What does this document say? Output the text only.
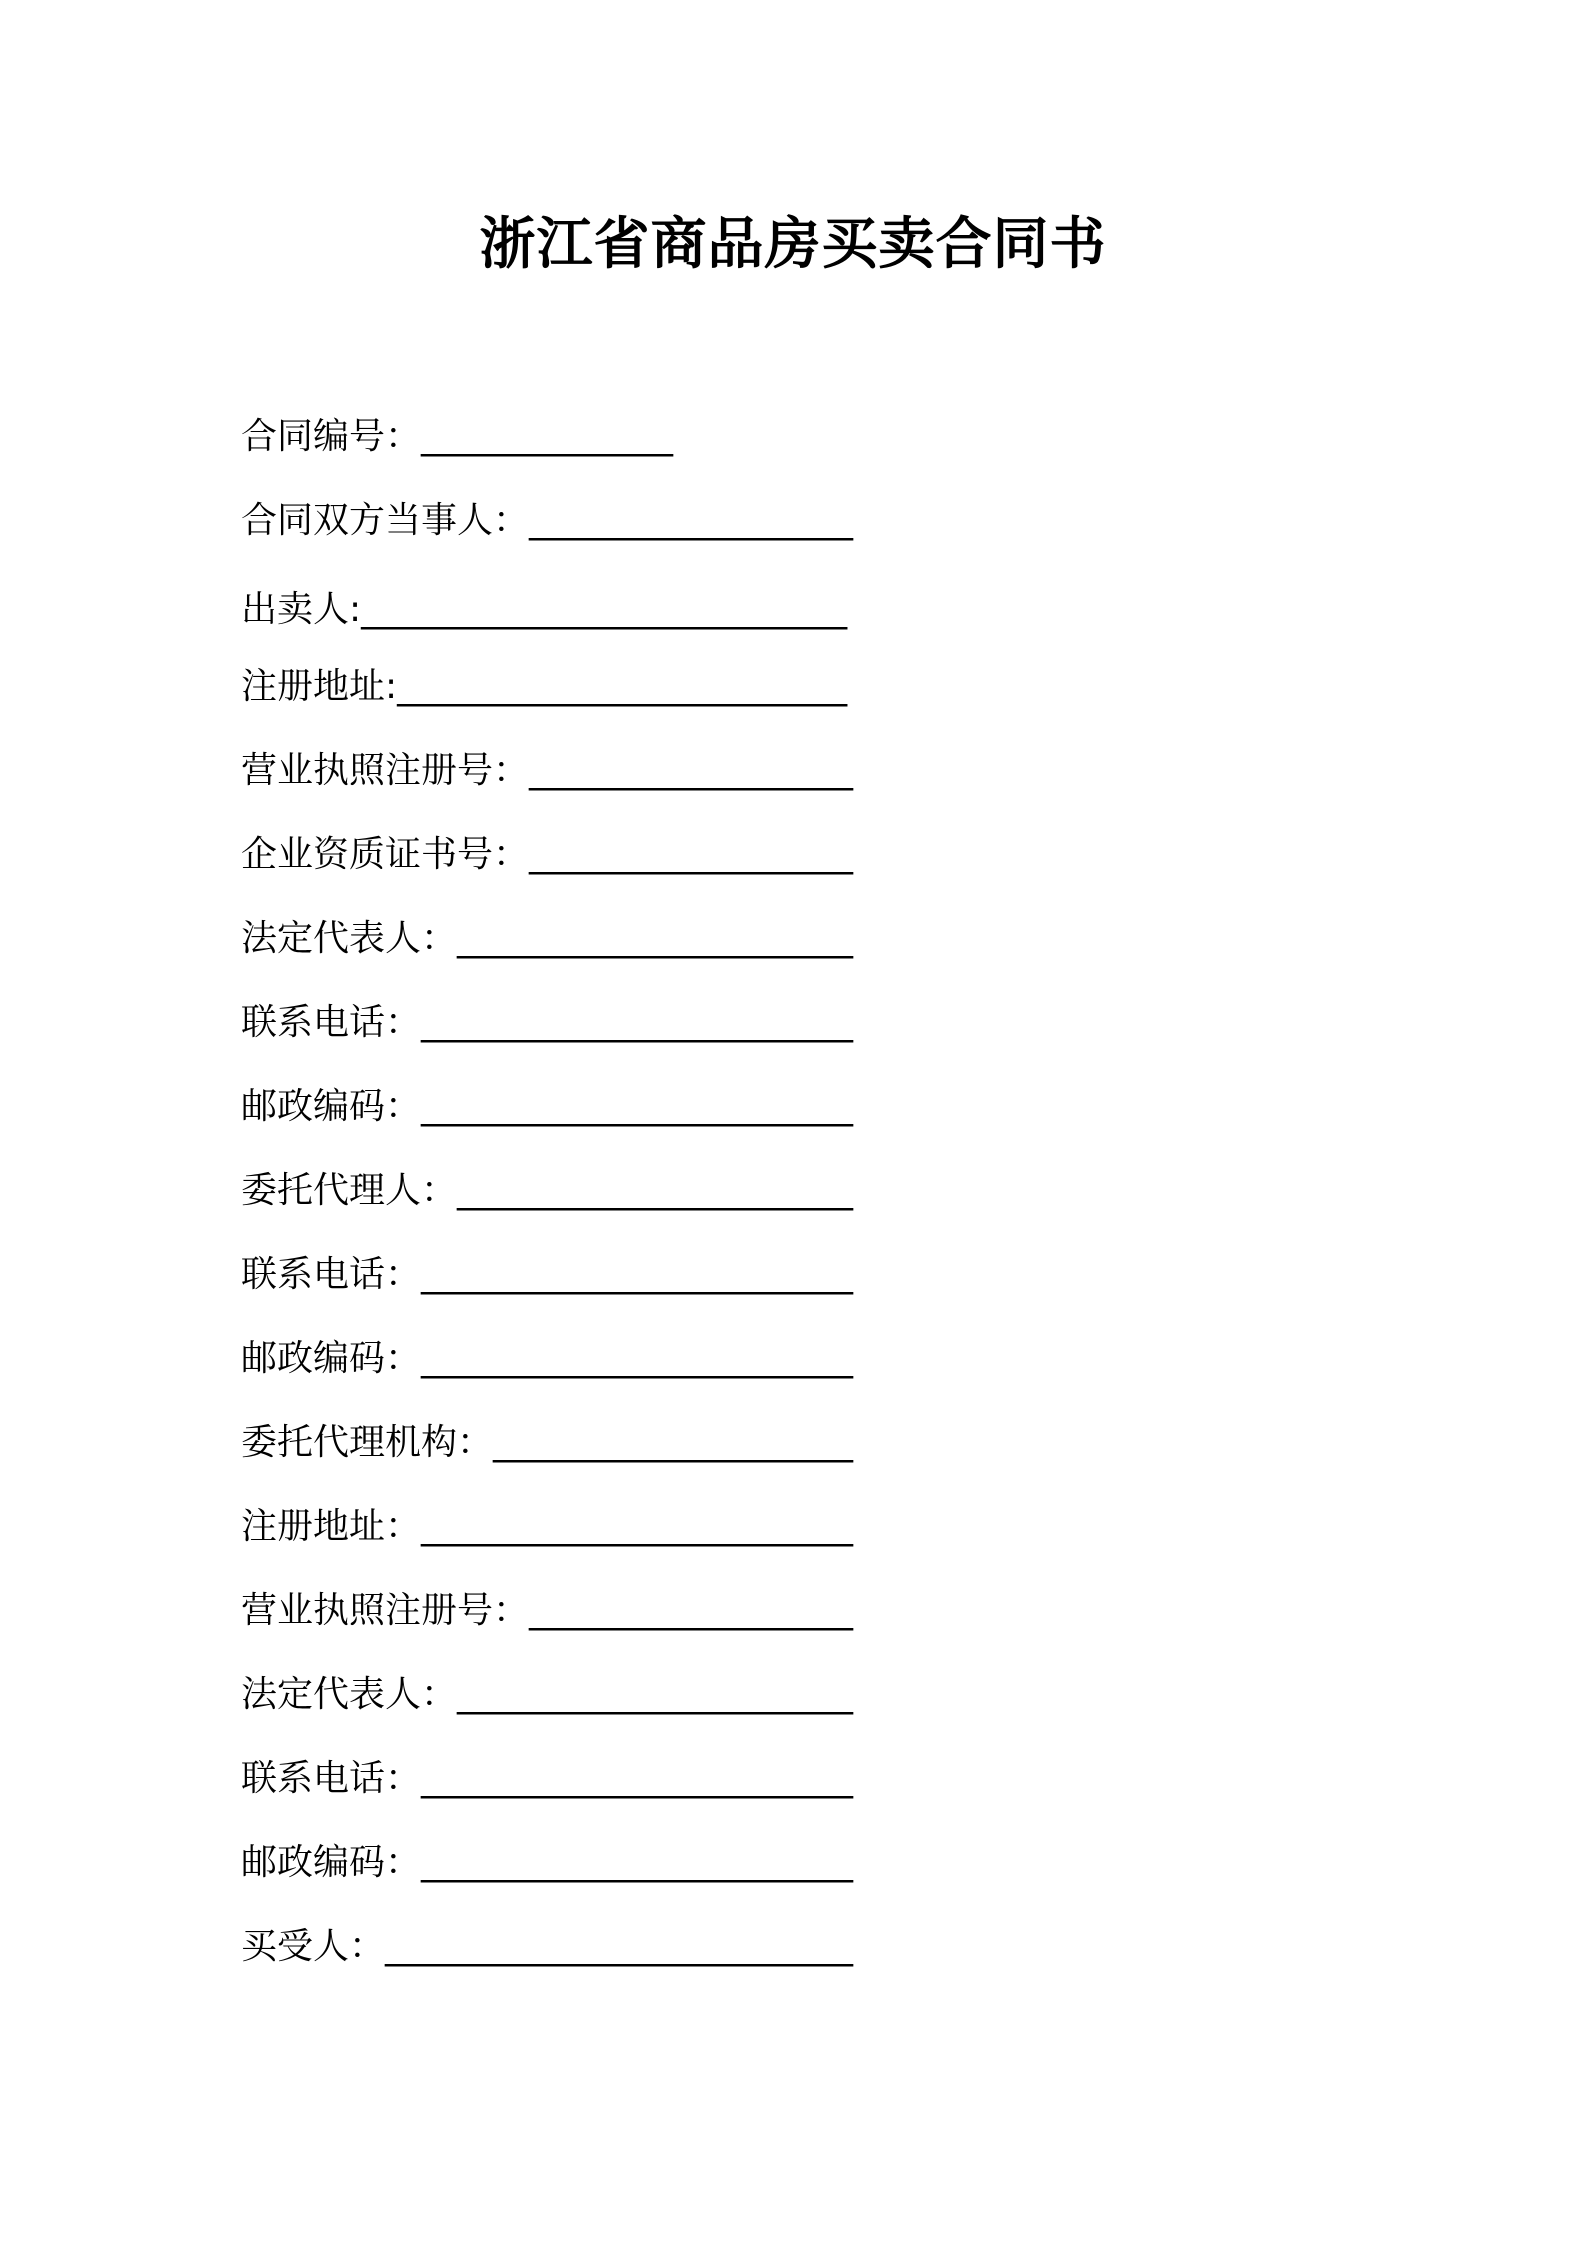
浙江省商品房买卖合同书
合同编号：______________
合同双方当事人：__________________
出卖人:___________________________
注册地址:_________________________
营业执照注册号：__________________
企业资质证书号：__________________
法定代表人：______________________
联系电话：________________________
邮政编码：________________________
委托代理人：______________________
联系电话：________________________
邮政编码：________________________
委托代理机构：____________________
注册地址：________________________
营业执照注册号：__________________
法定代表人：______________________
联系电话：________________________
邮政编码：________________________
买受人：__________________________
